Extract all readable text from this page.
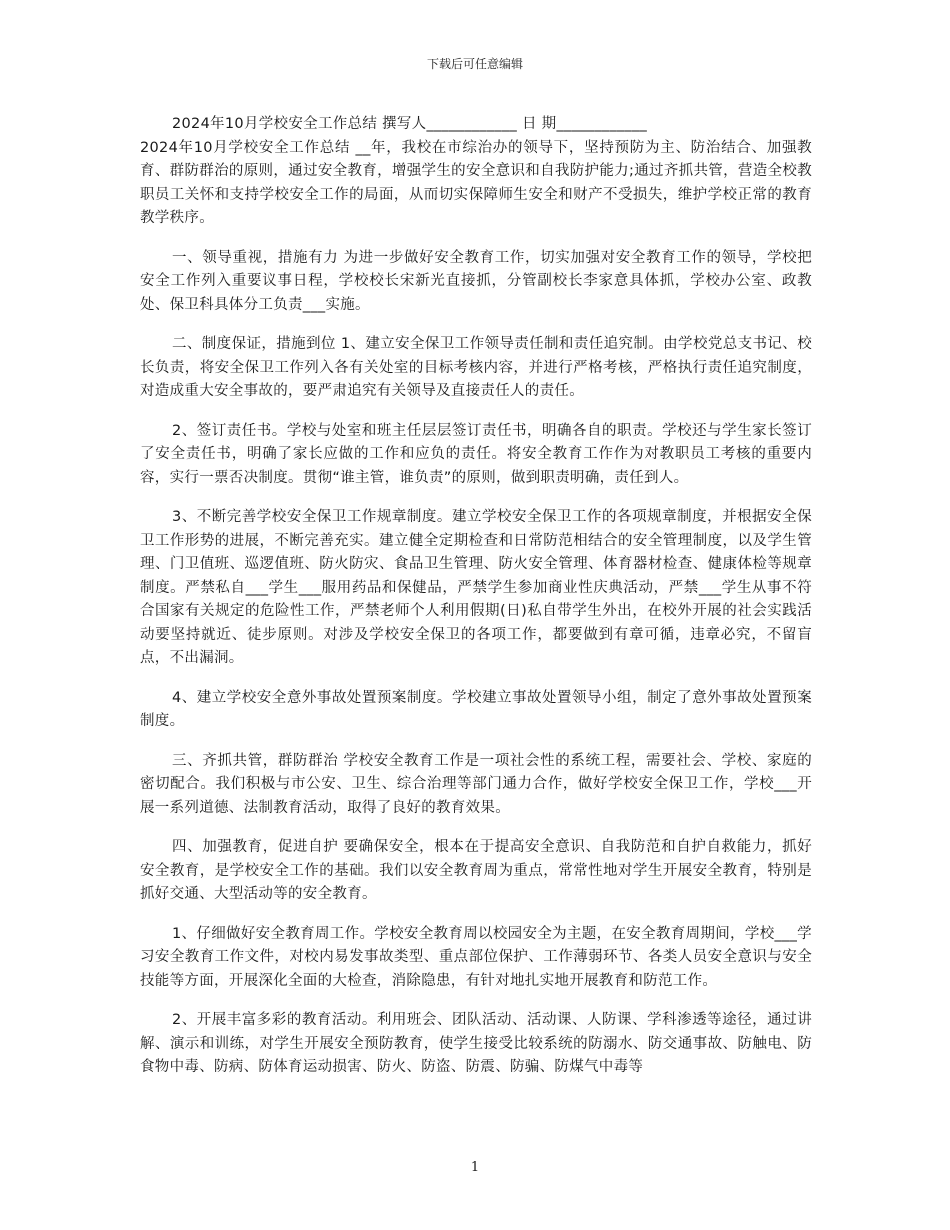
下载后可任意编辑

2024年10月学校安全工作总结 撰写人____________ 日 期____________

2024年10月学校安全工作总结 __年，我校在市综治办的领导下，坚持预防为主、防治结合、加强教育、群防群治的原则，通过安全教育，增强学生的安全意识和自我防护能力;通过齐抓共管，营造全校教职员工关怀和支持学校安全工作的局面，从而切实保障师生安全和财产不受损失，维护学校正常的教育教学秩序。

一、领导重视，措施有力 为进一步做好安全教育工作，切实加强对安全教育工作的领导，学校把安全工作列入重要议事日程，学校校长宋新光直接抓，分管副校长李家意具体抓，学校办公室、政教处、保卫科具体分工负责___实施。

二、制度保证，措施到位 1、建立安全保卫工作领导责任制和责任追究制。由学校党总支书记、校长负责，将安全保卫工作列入各有关处室的目标考核内容，并进行严格考核，严格执行责任追究制度，对造成重大安全事故的，要严肃追究有关领导及直接责任人的责任。

2、签订责任书。学校与处室和班主任层层签订责任书，明确各自的职责。学校还与学生家长签订了安全责任书，明确了家长应做的工作和应负的责任。将安全教育工作作为对教职员工考核的重要内容，实行一票否决制度。贯彻“谁主管，谁负责”的原则，做到职责明确，责任到人。

3、不断完善学校安全保卫工作规章制度。建立学校安全保卫工作的各项规章制度，并根据安全保卫工作形势的进展，不断完善充实。建立健全定期检查和日常防范相结合的安全管理制度，以及学生管理、门卫值班、巡逻值班、防火防灾、食品卫生管理、防火安全管理、体育器材检查、健康体检等规章制度。严禁私自___学生___服用药品和保健品，严禁学生参加商业性庆典活动，严禁___学生从事不符合国家有关规定的危险性工作，严禁老师个人利用假期(日)私自带学生外出，在校外开展的社会实践活动要坚持就近、徒步原则。对涉及学校安全保卫的各项工作，都要做到有章可循，违章必究，不留盲点，不出漏洞。

4、建立学校安全意外事故处置预案制度。学校建立事故处置领导小组，制定了意外事故处置预案制度。

三、齐抓共管，群防群治 学校安全教育工作是一项社会性的系统工程，需要社会、学校、家庭的密切配合。我们积极与市公安、卫生、综合治理等部门通力合作，做好学校安全保卫工作，学校___开展一系列道德、法制教育活动，取得了良好的教育效果。

四、加强教育，促进自护 要确保安全，根本在于提高安全意识、自我防范和自护自救能力，抓好安全教育，是学校安全工作的基础。我们以安全教育周为重点，常常性地对学生开展安全教育，特别是抓好交通、大型活动等的安全教育。

1、仔细做好安全教育周工作。学校安全教育周以校园安全为主题，在安全教育周期间，学校___学习安全教育工作文件，对校内易发事故类型、重点部位保护、工作薄弱环节、各类人员安全意识与安全技能等方面，开展深化全面的大检查，消除隐患，有针对地扎实地开展教育和防范工作。

2、开展丰富多彩的教育活动。利用班会、团队活动、活动课、人防课、学科渗透等途径，通过讲解、演示和训练，对学生开展安全预防教育，使学生接受比较系统的防溺水、防交通事故、防触电、防食物中毒、防病、防体育运动损害、防火、防盗、防震、防骗、防煤气中毒等

1
